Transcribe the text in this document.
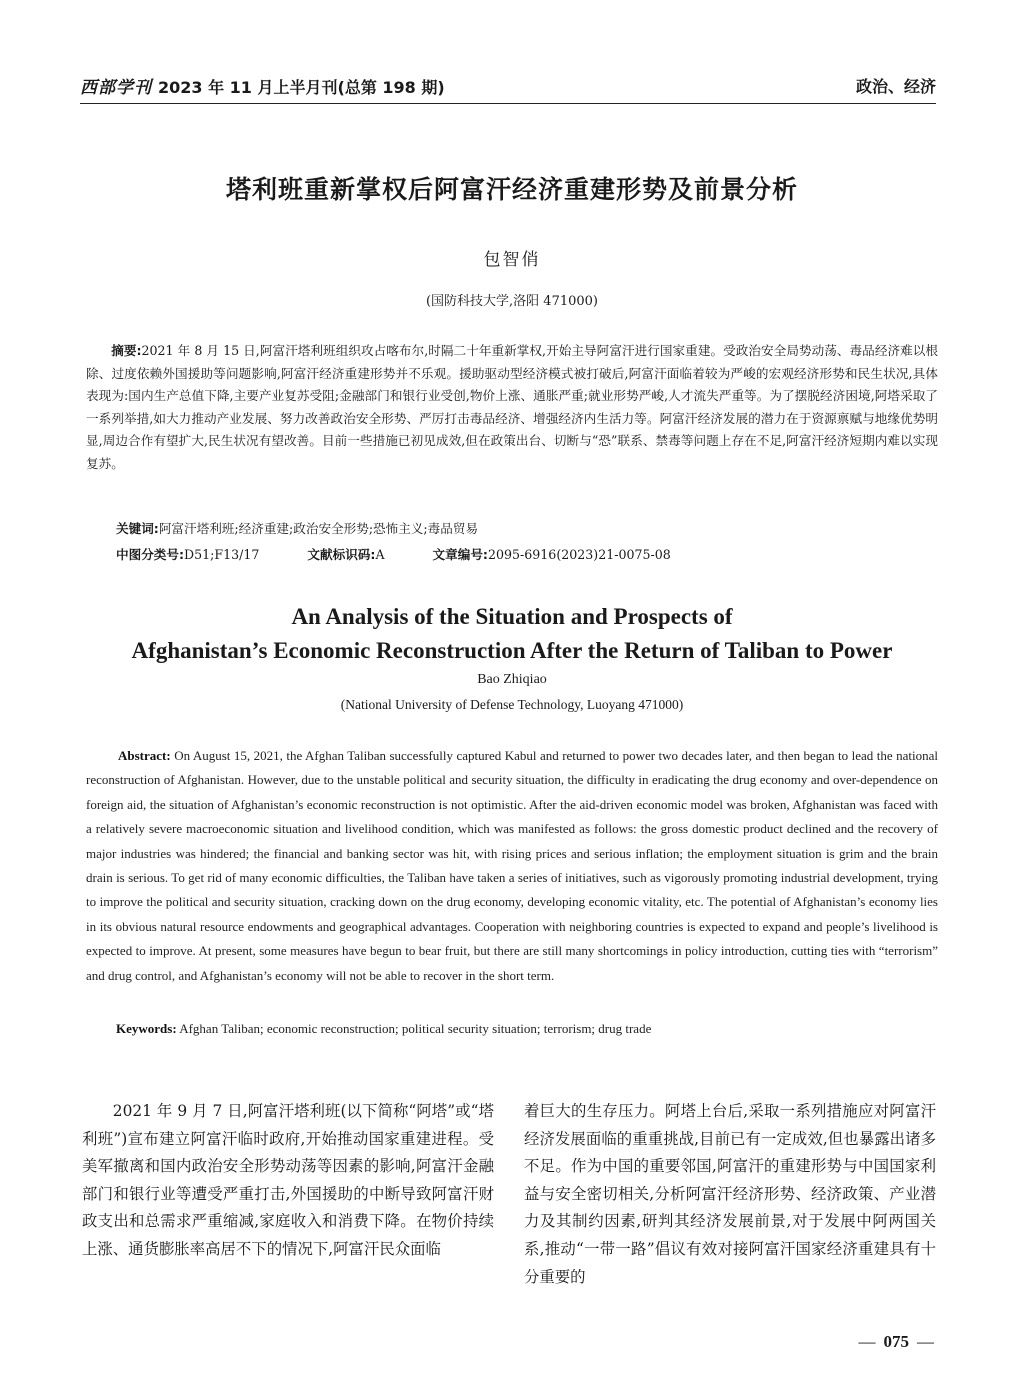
西部学刊 2023 年 11 月上半月刊(总第 198 期)	政治、经济
塔利班重新掌权后阿富汗经济重建形势及前景分析
包智俏
(国防科技大学,洛阳 471000)
摘要:2021 年 8 月 15 日,阿富汗塔利班组织攻占喀布尔,时隔二十年重新掌权,开始主导阿富汗进行国家重建。受政治安全局势动荡、毒品经济难以根除、过度依赖外国援助等问题影响,阿富汗经济重建形势并不乐观。援助驱动型经济模式被打破后,阿富汗面临着较为严峻的宏观经济形势和民生状况,具体表现为:国内生产总值下降,主要产业复苏受阻;金融部门和银行业受创,物价上涨、通胀严重;就业形势严峻,人才流失严重等。为了摆脱经济困境,阿塔采取了一系列举措,如大力推动产业发展、努力改善政治安全形势、严厉打击毒品经济、增强经济内生活力等。阿富汗经济发展的潜力在于资源禀赋与地缘优势明显,周边合作有望扩大,民生状况有望改善。目前一些措施已初见成效,但在政策出台、切断与“恐”联系、禁毒等问题上存在不足,阿富汗经济短期内难以实现复苏。
关键词:阿富汗塔利班;经济重建;政治安全形势;恐怖主义;毒品贸易
中图分类号:D51;F13/17	文献标识码:A	文章编号:2095-6916(2023)21-0075-08
An Analysis of the Situation and Prospects of
Afghanistan’s Economic Reconstruction After the Return of Taliban to Power
Bao Zhiqiao
(National University of Defense Technology, Luoyang 471000)
Abstract: On August 15, 2021, the Afghan Taliban successfully captured Kabul and returned to power two decades later, and then began to lead the national reconstruction of Afghanistan. However, due to the unstable political and security situation, the difficulty in eradicating the drug economy and over-dependence on foreign aid, the situation of Afghanistan’s economic reconstruction is not optimistic. After the aid-driven economic model was broken, Afghanistan was faced with a relatively severe macroeconomic situation and livelihood condition, which was manifested as follows: the gross domestic product declined and the recovery of major industries was hindered; the financial and banking sector was hit, with rising prices and serious inflation; the employment situation is grim and the brain drain is serious. To get rid of many economic difficulties, the Taliban have taken a series of initiatives, such as vigorously promoting industrial development, trying to improve the political and security situation, cracking down on the drug economy, developing economic vitality, etc. The potential of Afghanistan’s economy lies in its obvious natural resource endowments and geographical advantages. Cooperation with neighboring countries is expected to expand and people’s livelihood is expected to improve. At present, some measures have begun to bear fruit, but there are still many shortcomings in policy introduction, cutting ties with “terrorism” and drug control, and Afghanistan’s economy will not be able to recover in the short term.
Keywords: Afghan Taliban; economic reconstruction; political security situation; terrorism; drug trade
2021 年 9 月 7 日,阿富汗塔利班(以下简称“阿塔”或“塔利班”)宣布建立阿富汗临时政府,开始推动国家重建进程。受美军撤离和国内政治安全形势动荡等因素的影响,阿富汗金融部门和银行业等遭受严重打击,外国援助的中断导致阿富汗财政支出和总需求严重缩减,家庭收入和消费下降。在物价持续上涨、通货膨胀率高居不下的情况下,阿富汗民众面临
着巨大的生存压力。阿塔上台后,采取一系列措施应对阿富汗经济发展面临的重重挑战,目前已有一定成效,但也暴露出诸多不足。作为中国的重要邻国,阿富汗的重建形势与中国国家利益与安全密切相关,分析阿富汗经济形势、经济政策、产业潜力及其制约因素,研判其经济发展前景,对于发展中阿两国关系,推动“一带一路”倡议有效对接阿富汗国家经济重建具有十分重要的
— 075 —
